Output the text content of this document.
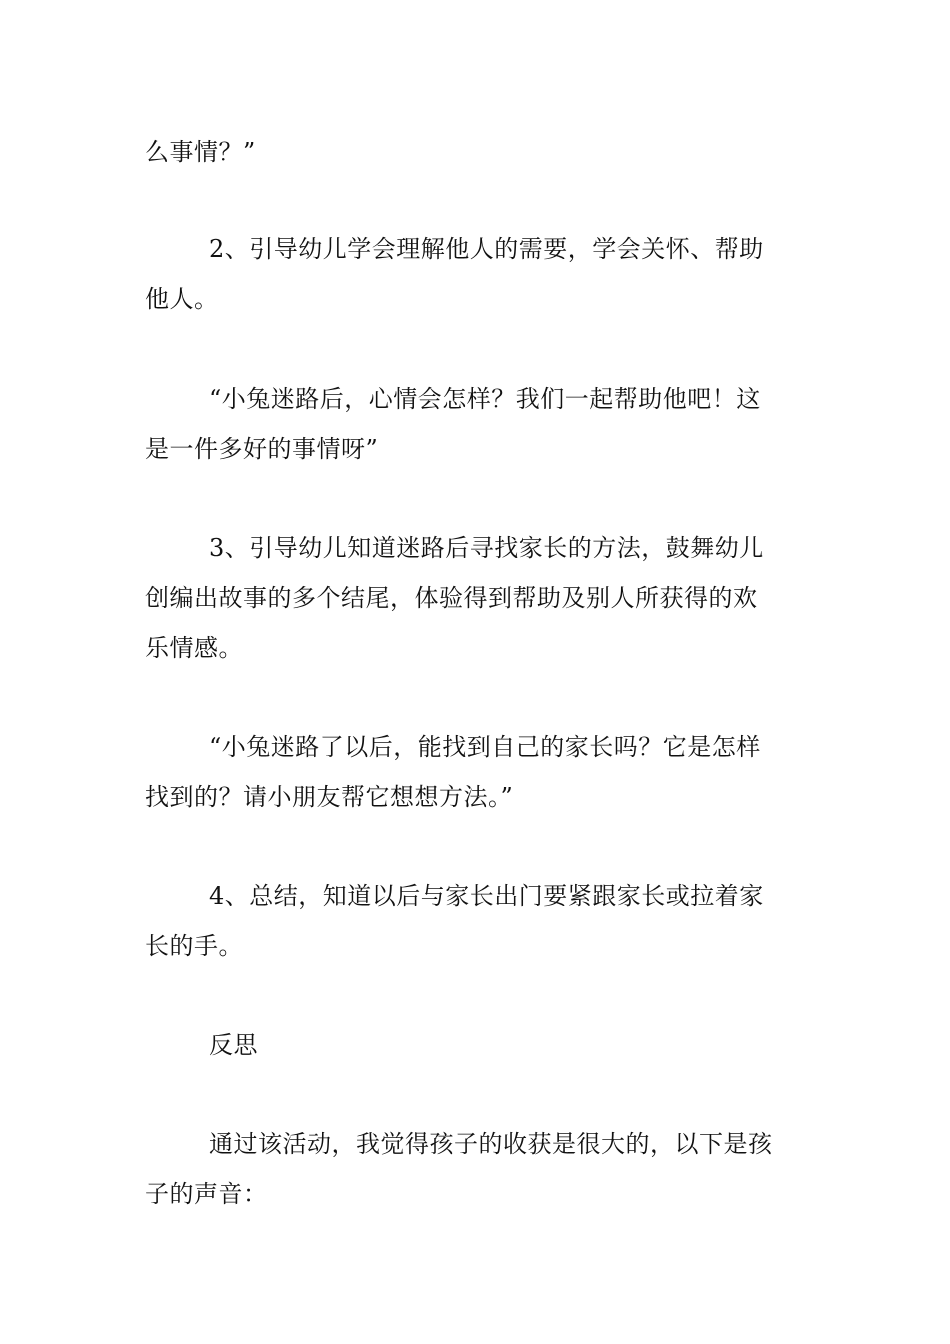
么事情？”
2、引导幼儿学会理解他人的需要，学会关怀、帮助
他人。
“小兔迷路后，心情会怎样？我们一起帮助他吧！这
是一件多好的事情呀”
3、引导幼儿知道迷路后寻找家长的方法，鼓舞幼儿
创编出故事的多个结尾，体验得到帮助及别人所获得的欢
乐情感。
“小兔迷路了以后，能找到自己的家长吗？它是怎样
找到的？请小朋友帮它想想方法。”
4、总结，知道以后与家长出门要紧跟家长或拉着家
长的手。
反思
通过该活动，我觉得孩子的收获是很大的，以下是孩
子的声音：
